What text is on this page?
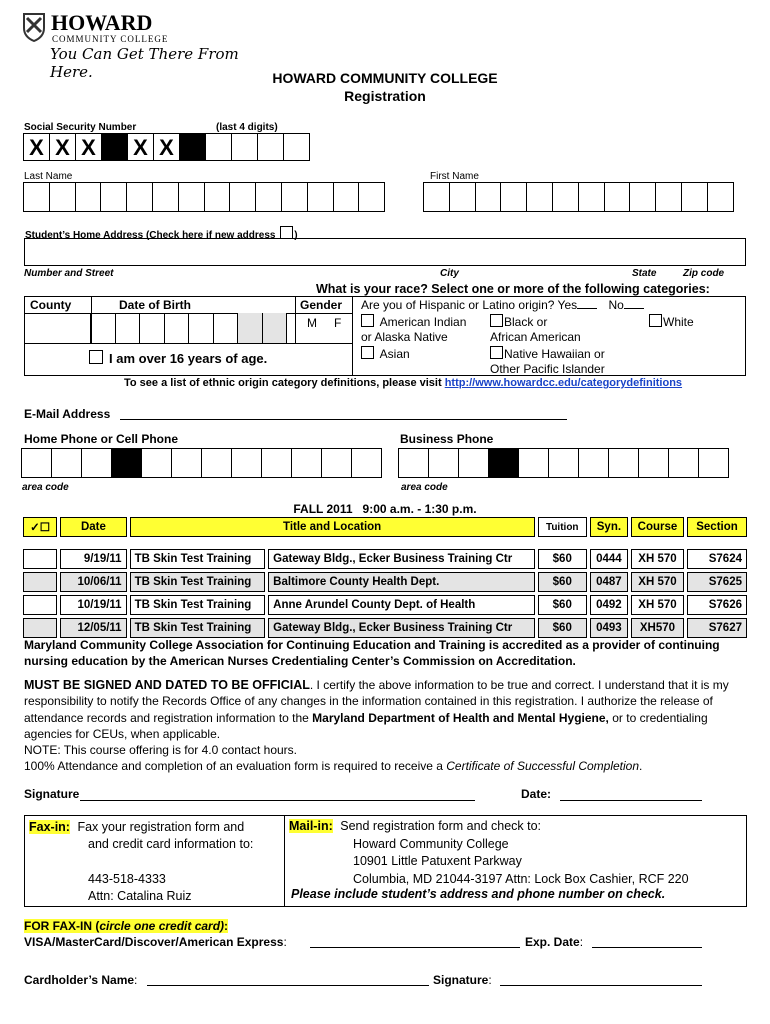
HOWARD
COMMUNITY COLLEGE
You Can Get There From Here.	HOWARD COMMUNITY COLLEGE
Registration
Social Security Number	(last 4 digits)
X X X X X
Last Name	First Name
Student’s Home Address (Check here if new address )
Number and Street	City	State	Zip code
County	Date of Birth	Gender
M F
I am over 16 years of age.
What is your race? Select one or more of the following categories:
Are you of Hispanic or Latino origin? Yes	No
American Indian
or Alaska Native
Asian
Black or
African American
Native Hawaiian or
Other Pacific Islander
White
To see a list of ethnic origin category definitions, please visit http://www.howardcc.edu/categorydefinitions
E-Mail Address
Home Phone or Cell Phone	Business Phone
area code	area code
FALL 2011   9:00 a.m. - 1:30 p.m.
✓☐	Date	Title and Location		Tuition	Syn.	Course	Section

	9/19/11	TB Skin Test Training	Gateway Bldg., Ecker Business Training Ctr	$60	0444	XH 570	S7624
	10/06/11	TB Skin Test Training	Baltimore County Health Dept.	$60	0487	XH 570	S7625
	10/19/11	TB Skin Test Training	Anne Arundel County Dept. of Health	$60	0492	XH 570	S7626
	12/05/11	TB Skin Test Training	Gateway Bldg., Ecker Business Training Ctr	$60	0493	XH570	S7627
Maryland Community College Association for Continuing Education and Training is accredited as a provider of continuing nursing education by the American Nurses Credentialing Center’s Commission on Accreditation.
MUST BE SIGNED AND DATED TO BE OFFICIAL. I certify the above information to be true and correct. I understand that it is my responsibility to notify the Records Office of any changes in the information contained in this registration. I authorize the release of attendance records and registration information to the Maryland Department of Health and Mental Hygiene, or to credentialing agencies for CEUs, when applicable.
NOTE: This course offering is for 4.0 contact hours.
100% Attendance and completion of an evaluation form is required to receive a Certificate of Successful Completion.
Signature	Date:
Fax-in: Fax your registration form and
and credit card information to:
443-518-4333
Attn: Catalina Ruiz
Mail-in: Send registration form and check to:
Howard Community College
10901 Little Patuxent Parkway
Columbia, MD 21044-3197 Attn: Lock Box Cashier, RCF 220
Please include student’s address and phone number on check.
FOR FAX-IN (circle one credit card):
VISA/MasterCard/Discover/American Express:	Exp. Date:
Cardholder’s Name:	Signature:
